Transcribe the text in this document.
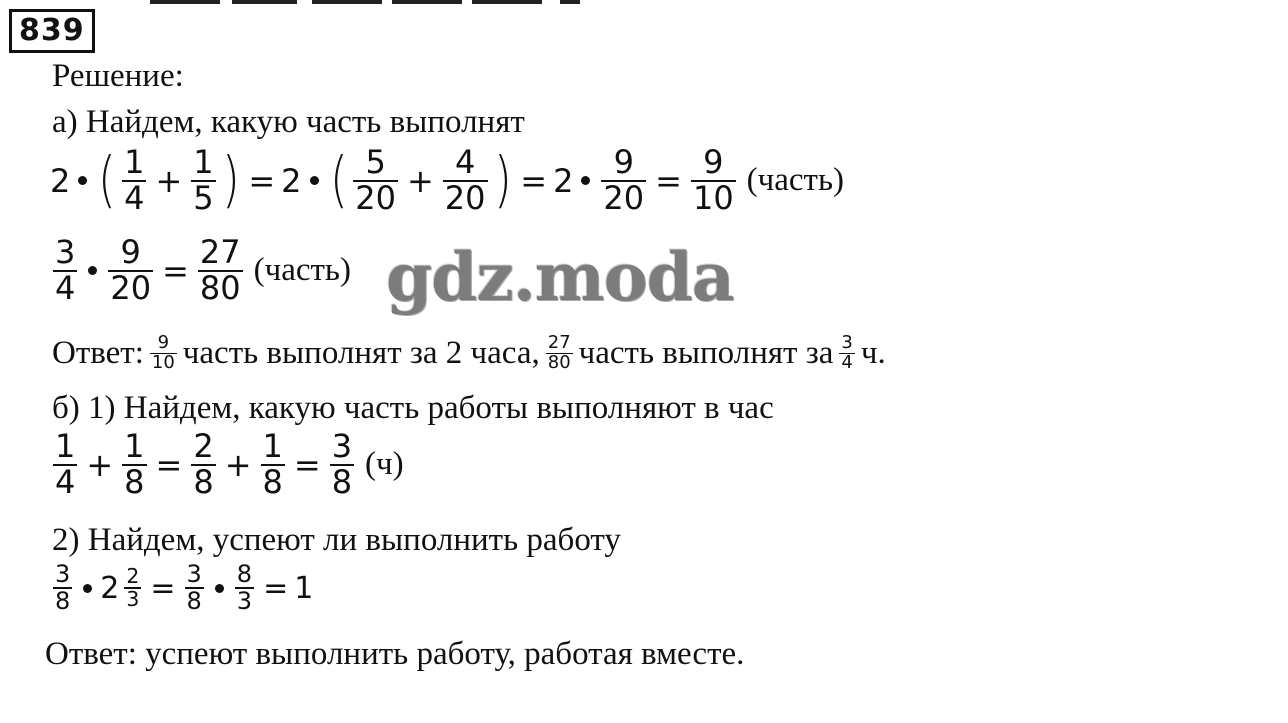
839
Решение:
а) Найдем, какую часть выполнят
2 ( $\frac{1}{4} + \frac{1}{5}$ ) = 2 ( $\frac{5}{20} + \frac{4}{20}$ ) = $2 \frac{9}{20} = \frac{9}{10}$ (часть)
$\frac{3}{4} \frac{9}{20} = \frac{27}{80}$ (часть)
Ответ: $\frac{9}{10}$ часть выполнят за 2 часа, $\frac{27}{80}$ часть выполнят за $\frac{3}{4} ч$.
б) 1) Найдем, какую часть работы выполняют в час
$\frac{1}{4} + \frac{1}{8} = \frac{2}{8} + \frac{1}{8} = \frac{3}{8} (ч)$
2) Найдем, успеют ли выполнить работу
$\frac{3}{8} 2 \frac{2}{3} = \frac{3}{8} \frac{8}{3} = 1$
Ответ: успеют выполнить работу, работая вместе.
gdz.moda
